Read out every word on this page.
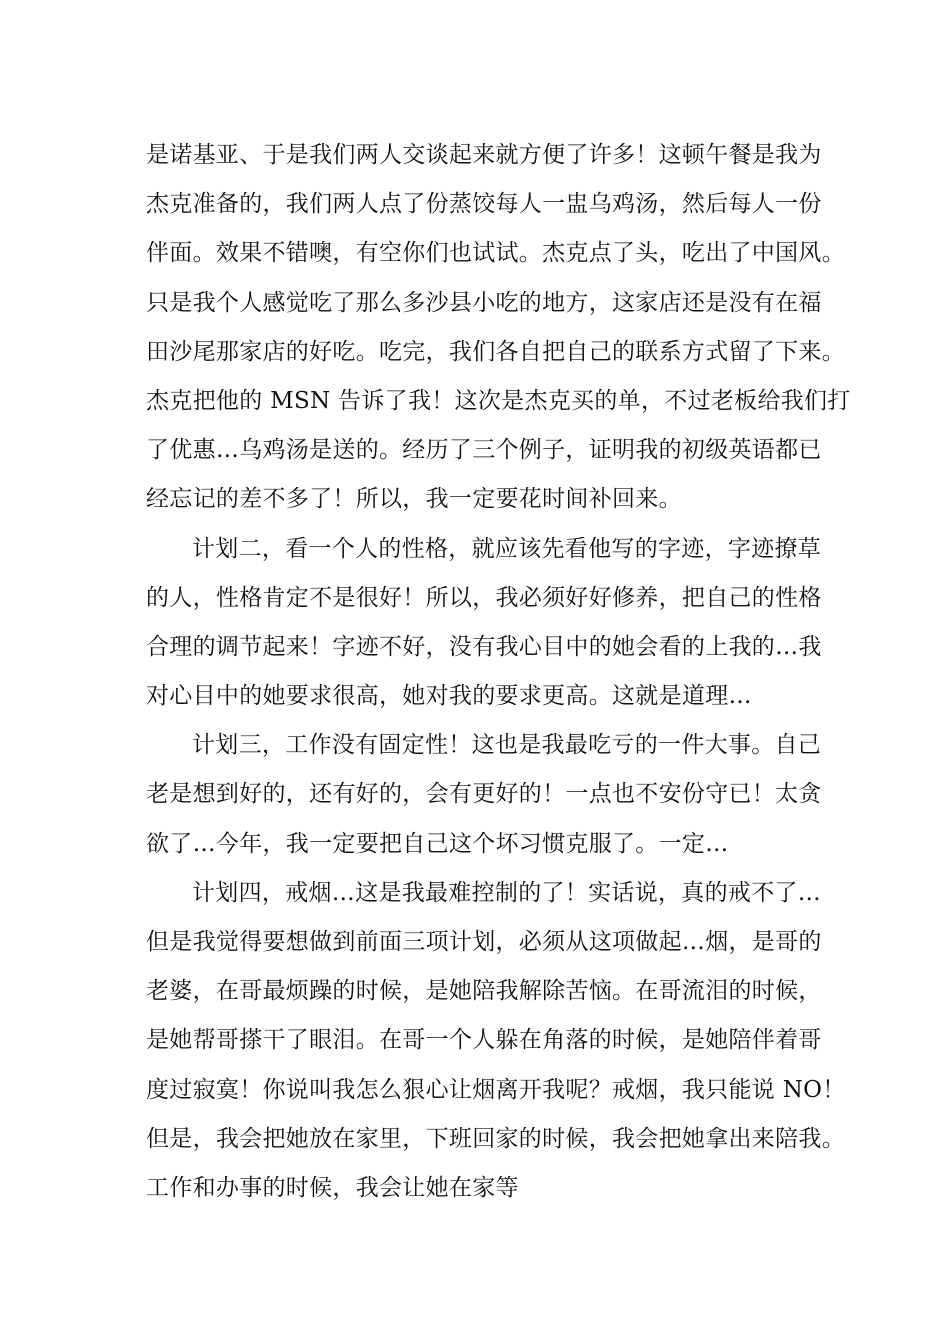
是诺基亚、于是我们两人交谈起来就方便了许多！这顿午餐是我为
杰克准备的，我们两人点了份蒸饺每人一盅乌鸡汤，然后每人一份
伴面。效果不错噢，有空你们也试试。杰克点了头，吃出了中国风。
只是我个人感觉吃了那么多沙县小吃的地方，这家店还是没有在福
田沙尾那家店的好吃。吃完，我们各自把自己的联系方式留了下来。
杰克把他的 MSN 告诉了我！这次是杰克买的单，不过老板给我们打
了优惠…乌鸡汤是送的。经历了三个例子，证明我的初级英语都已
经忘记的差不多了！所以，我一定要花时间补回来。
计划二，看一个人的性格，就应该先看他写的字迹，字迹撩草
的人，性格肯定不是很好！所以，我必须好好修养，把自己的性格
合理的调节起来！字迹不好，没有我心目中的她会看的上我的…我
对心目中的她要求很高，她对我的要求更高。这就是道理…
计划三，工作没有固定性！这也是我最吃亏的一件大事。自己
老是想到好的，还有好的，会有更好的！一点也不安份守已！太贪
欲了…今年，我一定要把自己这个坏习惯克服了。一定…
计划四，戒烟…这是我最难控制的了！实话说，真的戒不了…
但是我觉得要想做到前面三项计划，必须从这项做起…烟，是哥的
老婆，在哥最烦躁的时候，是她陪我解除苦恼。在哥流泪的时候，
是她帮哥搽干了眼泪。在哥一个人躲在角落的时候，是她陪伴着哥
度过寂寞！你说叫我怎么狠心让烟离开我呢？戒烟，我只能说 NO！
但是，我会把她放在家里，下班回家的时候，我会把她拿出来陪我。
工作和办事的时候，我会让她在家等
